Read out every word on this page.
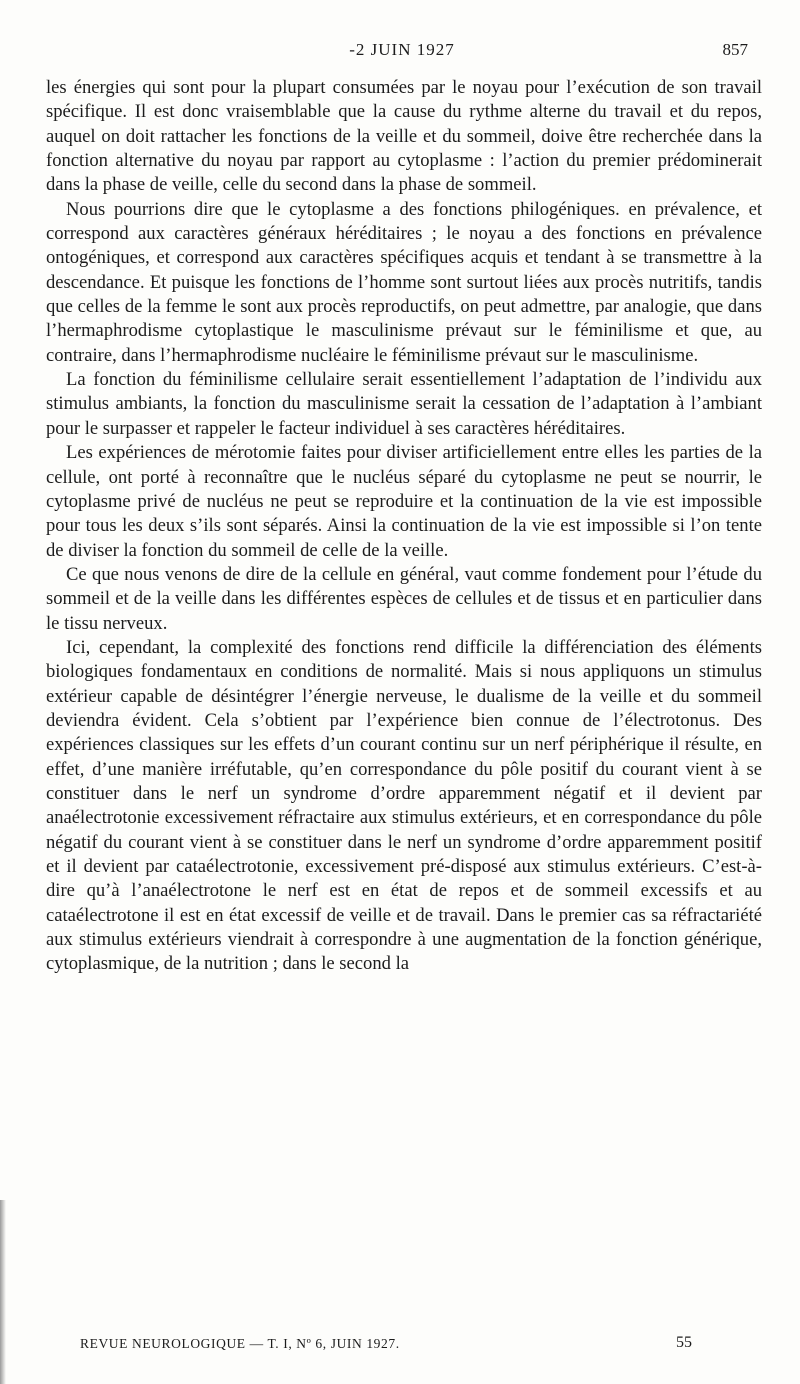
-2 JUIN 1927	857

les énergies qui sont pour la plupart consumées par le noyau pour l’exécution de son travail spécifique. Il est donc vraisemblable que la cause du rythme alterne du travail et du repos, auquel on doit rattacher les fonctions de la veille et du sommeil, doive être recherchée dans la fonction alternative du noyau par rapport au cytoplasme : l’action du premier prédominerait dans la phase de veille, celle du second dans la phase de sommeil.

Nous pourrions dire que le cytoplasme a des fonctions philogéniques. en prévalence, et correspond aux caractères généraux héréditaires ; le noyau a des fonctions en prévalence ontogéniques, et correspond aux caractères spécifiques acquis et tendant à se transmettre à la descendance. Et puisque les fonctions de l’homme sont surtout liées aux procès nutritifs, tandis que celles de la femme le sont aux procès reproductifs, on peut admettre, par analogie, que dans l’hermaphrodisme cytoplastique le masculinisme prévaut sur le féminilisme et que, au contraire, dans l’hermaphrodisme nucléaire le féminilisme prévaut sur le masculinisme.

La fonction du féminilisme cellulaire serait essentiellement l’adaptation de l’individu aux stimulus ambiants, la fonction du masculinisme serait la cessation de l’adaptation à l’ambiant pour le surpasser et rappeler le facteur individuel à ses caractères héréditaires.

Les expériences de mérotomie faites pour diviser artificiellement entre elles les parties de la cellule, ont porté à reconnaître que le nucléus séparé du cytoplasme ne peut se nourrir, le cytoplasme privé de nucléus ne peut se reproduire et la continuation de la vie est impossible pour tous les deux s’ils sont séparés. Ainsi la continuation de la vie est impossible si l’on tente de diviser la fonction du sommeil de celle de la veille.

Ce que nous venons de dire de la cellule en général, vaut comme fondement pour l’étude du sommeil et de la veille dans les différentes espèces de cellules et de tissus et en particulier dans le tissu nerveux.

Ici, cependant, la complexité des fonctions rend difficile la différenciation des éléments biologiques fondamentaux en conditions de normalité. Mais si nous appliquons un stimulus extérieur capable de désintégrer l’énergie nerveuse, le dualisme de la veille et du sommeil deviendra évident. Cela s’obtient par l’expérience bien connue de l’électrotonus. Des expériences classiques sur les effets d’un courant continu sur un nerf périphérique il résulte, en effet, d’une manière irréfutable, qu’en correspondance du pôle positif du courant vient à se constituer dans le nerf un syndrome d’ordre apparemment négatif et il devient par anaélectrotonie excessivement réfractaire aux stimulus extérieurs, et en correspondance du pôle négatif du courant vient à se constituer dans le nerf un syndrome d’ordre apparemment positif et il devient par cataélectrotonie, excessivement pré-disposé aux stimulus extérieurs. C’est-à-dire qu’à l’anaélectrotone le nerf est en état de repos et de sommeil excessifs et au cataélectrotone il est en état excessif de veille et de travail. Dans le premier cas sa réfractariété aux stimulus extérieurs viendrait à correspondre à une augmentation de la fonction générique, cytoplasmique, de la nutrition ; dans le second la

REVUE NEUROLOGIQUE — T. I, Nº 6, JUIN 1927.	55
